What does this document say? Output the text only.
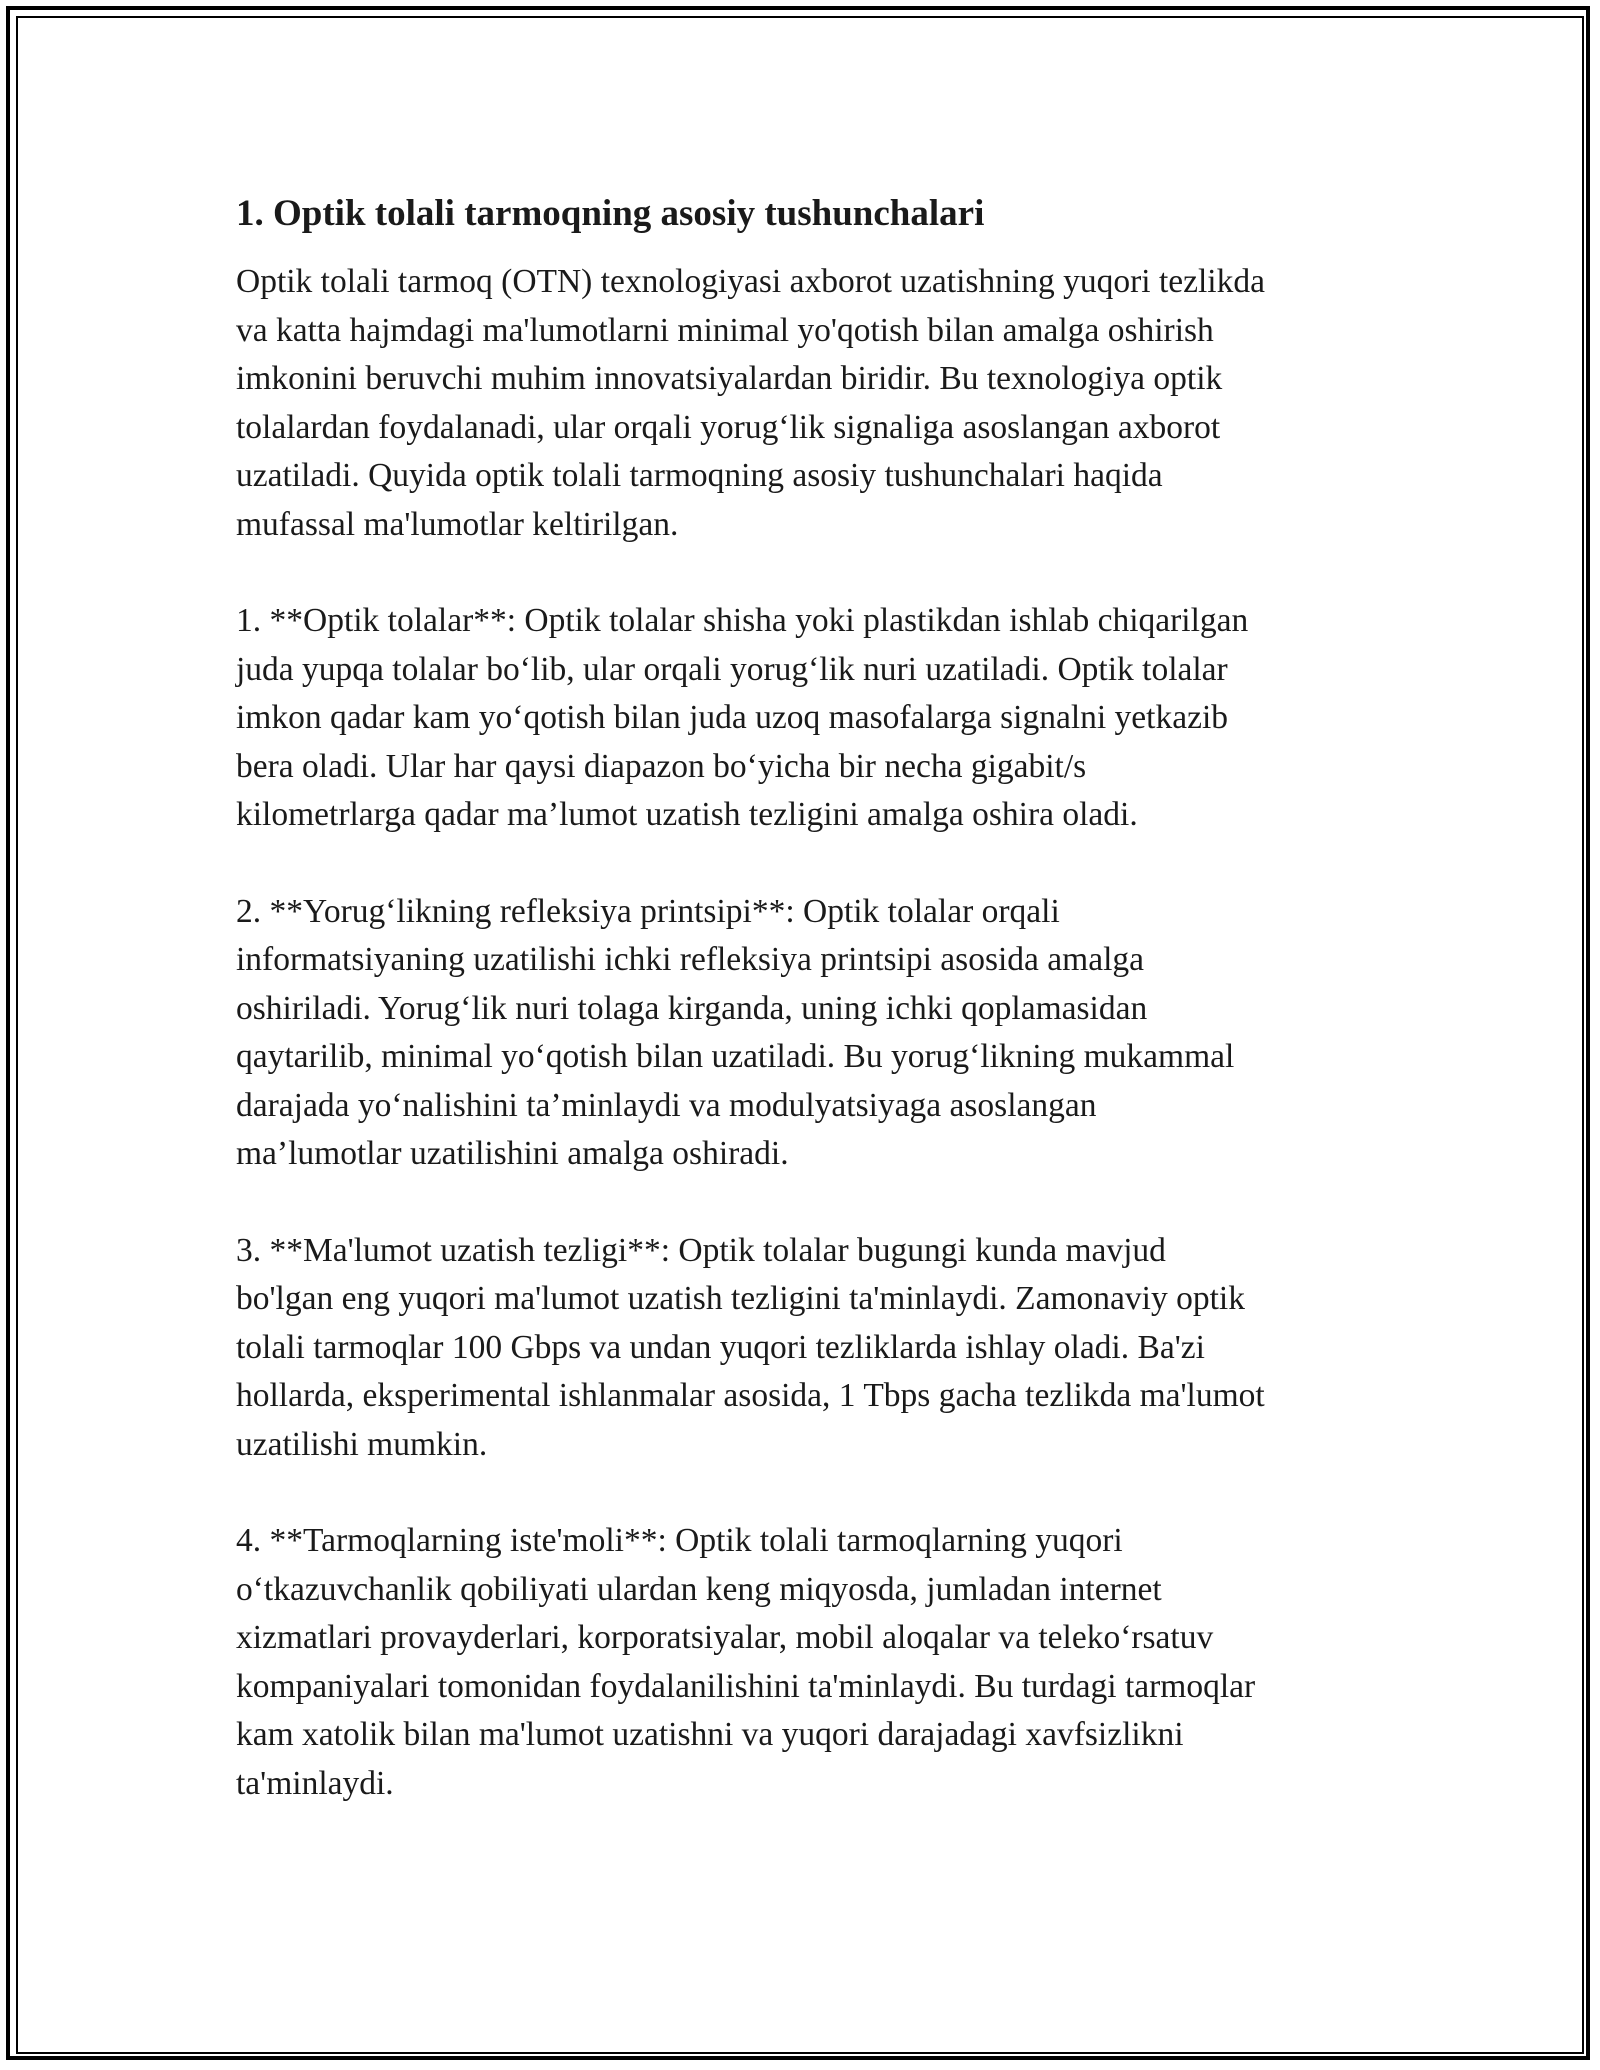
1. Optik tolali tarmoqning asosiy tushunchalari
Optik tolali tarmoq (OTN) texnologiyasi axborot uzatishning yuqori tezlikda
va katta hajmdagi ma'lumotlarni minimal yo'qotish bilan amalga oshirish
imkonini beruvchi muhim innovatsiyalardan biridir. Bu texnologiya optik
tolalardan foydalanadi, ular orqali yorug‘lik signaliga asoslangan axborot
uzatiladi. Quyida optik tolali tarmoqning asosiy tushunchalari haqida
mufassal ma'lumotlar keltirilgan.
1. **Optik tolalar**: Optik tolalar shisha yoki plastikdan ishlab chiqarilgan
juda yupqa tolalar bo‘lib, ular orqali yorug‘lik nuri uzatiladi. Optik tolalar
imkon qadar kam yo‘qotish bilan juda uzoq masofalarga signalni yetkazib
bera oladi. Ular har qaysi diapazon bo‘yicha bir necha gigabit/s
kilometrlarga qadar ma’lumot uzatish tezligini amalga oshira oladi.
2. **Yorug‘likning refleksiya printsipi**: Optik tolalar orqali
informatsiyaning uzatilishi ichki refleksiya printsipi asosida amalga
oshiriladi. Yorug‘lik nuri tolaga kirganda, uning ichki qoplamasidan
qaytarilib, minimal yo‘qotish bilan uzatiladi. Bu yorug‘likning mukammal
darajada yo‘nalishini ta’minlaydi va modulyatsiyaga asoslangan
ma’lumotlar uzatilishini amalga oshiradi.
3. **Ma'lumot uzatish tezligi**: Optik tolalar bugungi kunda mavjud
bo'lgan eng yuqori ma'lumot uzatish tezligini ta'minlaydi. Zamonaviy optik
tolali tarmoqlar 100 Gbps va undan yuqori tezliklarda ishlay oladi. Ba'zi
hollarda, eksperimental ishlanmalar asosida, 1 Tbps gacha tezlikda ma'lumot
uzatilishi mumkin.
4. **Tarmoqlarning iste'moli**: Optik tolali tarmoqlarning yuqori
o‘tkazuvchanlik qobiliyati ulardan keng miqyosda, jumladan internet
xizmatlari provayderlari, korporatsiyalar, mobil aloqalar va teleko‘rsatuv
kompaniyalari tomonidan foydalanilishini ta'minlaydi. Bu turdagi tarmoqlar
kam xatolik bilan ma'lumot uzatishni va yuqori darajadagi xavfsizlikni
ta'minlaydi.
